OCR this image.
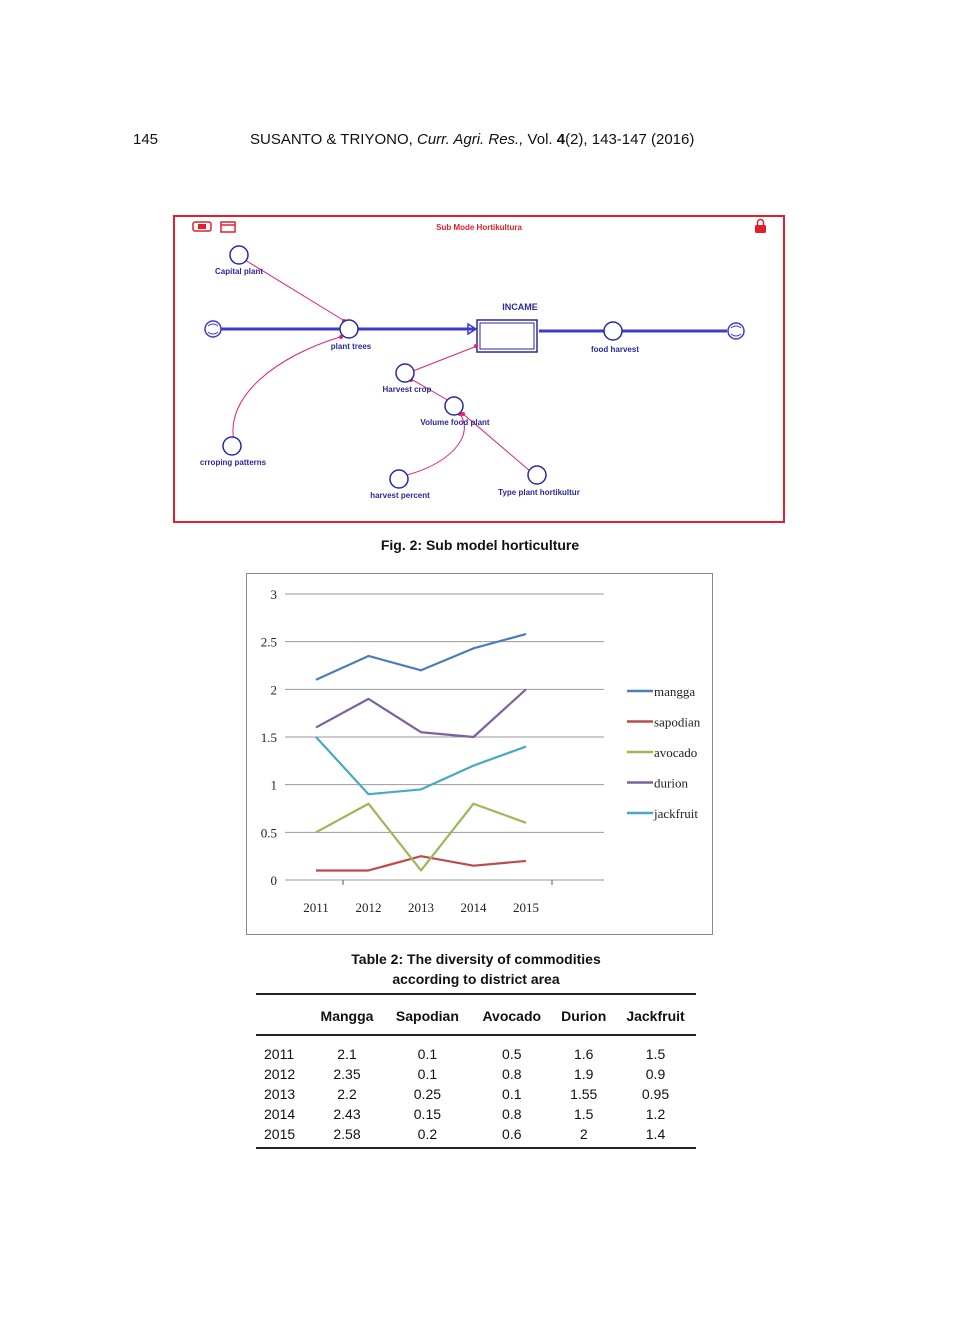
145	SUSANTO & TRIYONO, Curr. Agri. Res., Vol. 4(2), 143-147 (2016)
Sub Mode Hortikultura
INCAME
Capital plant
plant trees	food harvest
Harvest crop
Volume food plant
crroping patterns
harvest percent	Type plant hortikultur
Fig. 2: Sub model horticulture
0
0.5
1
1.5
2
2.5
3
2011 2012 2013 2014 2015
mangga
sapodian
avocado
durion
jackfruit
Table 2: The diversity of commodities
according to district area
	Mangga	Sapodian	Avocado	Durion	Jackfruit
2011	2.1	0.1	0.5	1.6	1.5
2012	2.35	0.1	0.8	1.9	0.9
2013	2.2	0.25	0.1	1.55	0.95
2014	2.43	0.15	0.8	1.5	1.2
2015	2.58	0.2	0.6	2	1.4
